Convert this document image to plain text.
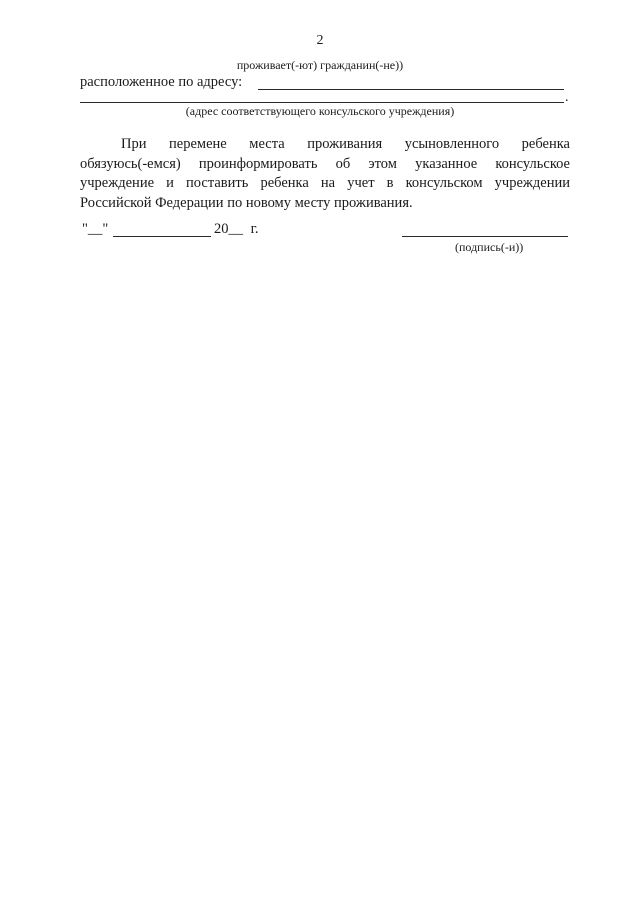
2
проживает(-ют) гражданин(-не))
расположенное по адресу:
.
(адрес соответствующего консульского учреждения)
При перемене места проживания усыновленного ребенка
обязуюсь(-емся) проинформировать об этом указанное консульское
учреждение и поставить ребенка на учет в консульском учреждении
Российской Федерации по новому месту проживания.
"__"	20__ г.
(подпись(-и))
